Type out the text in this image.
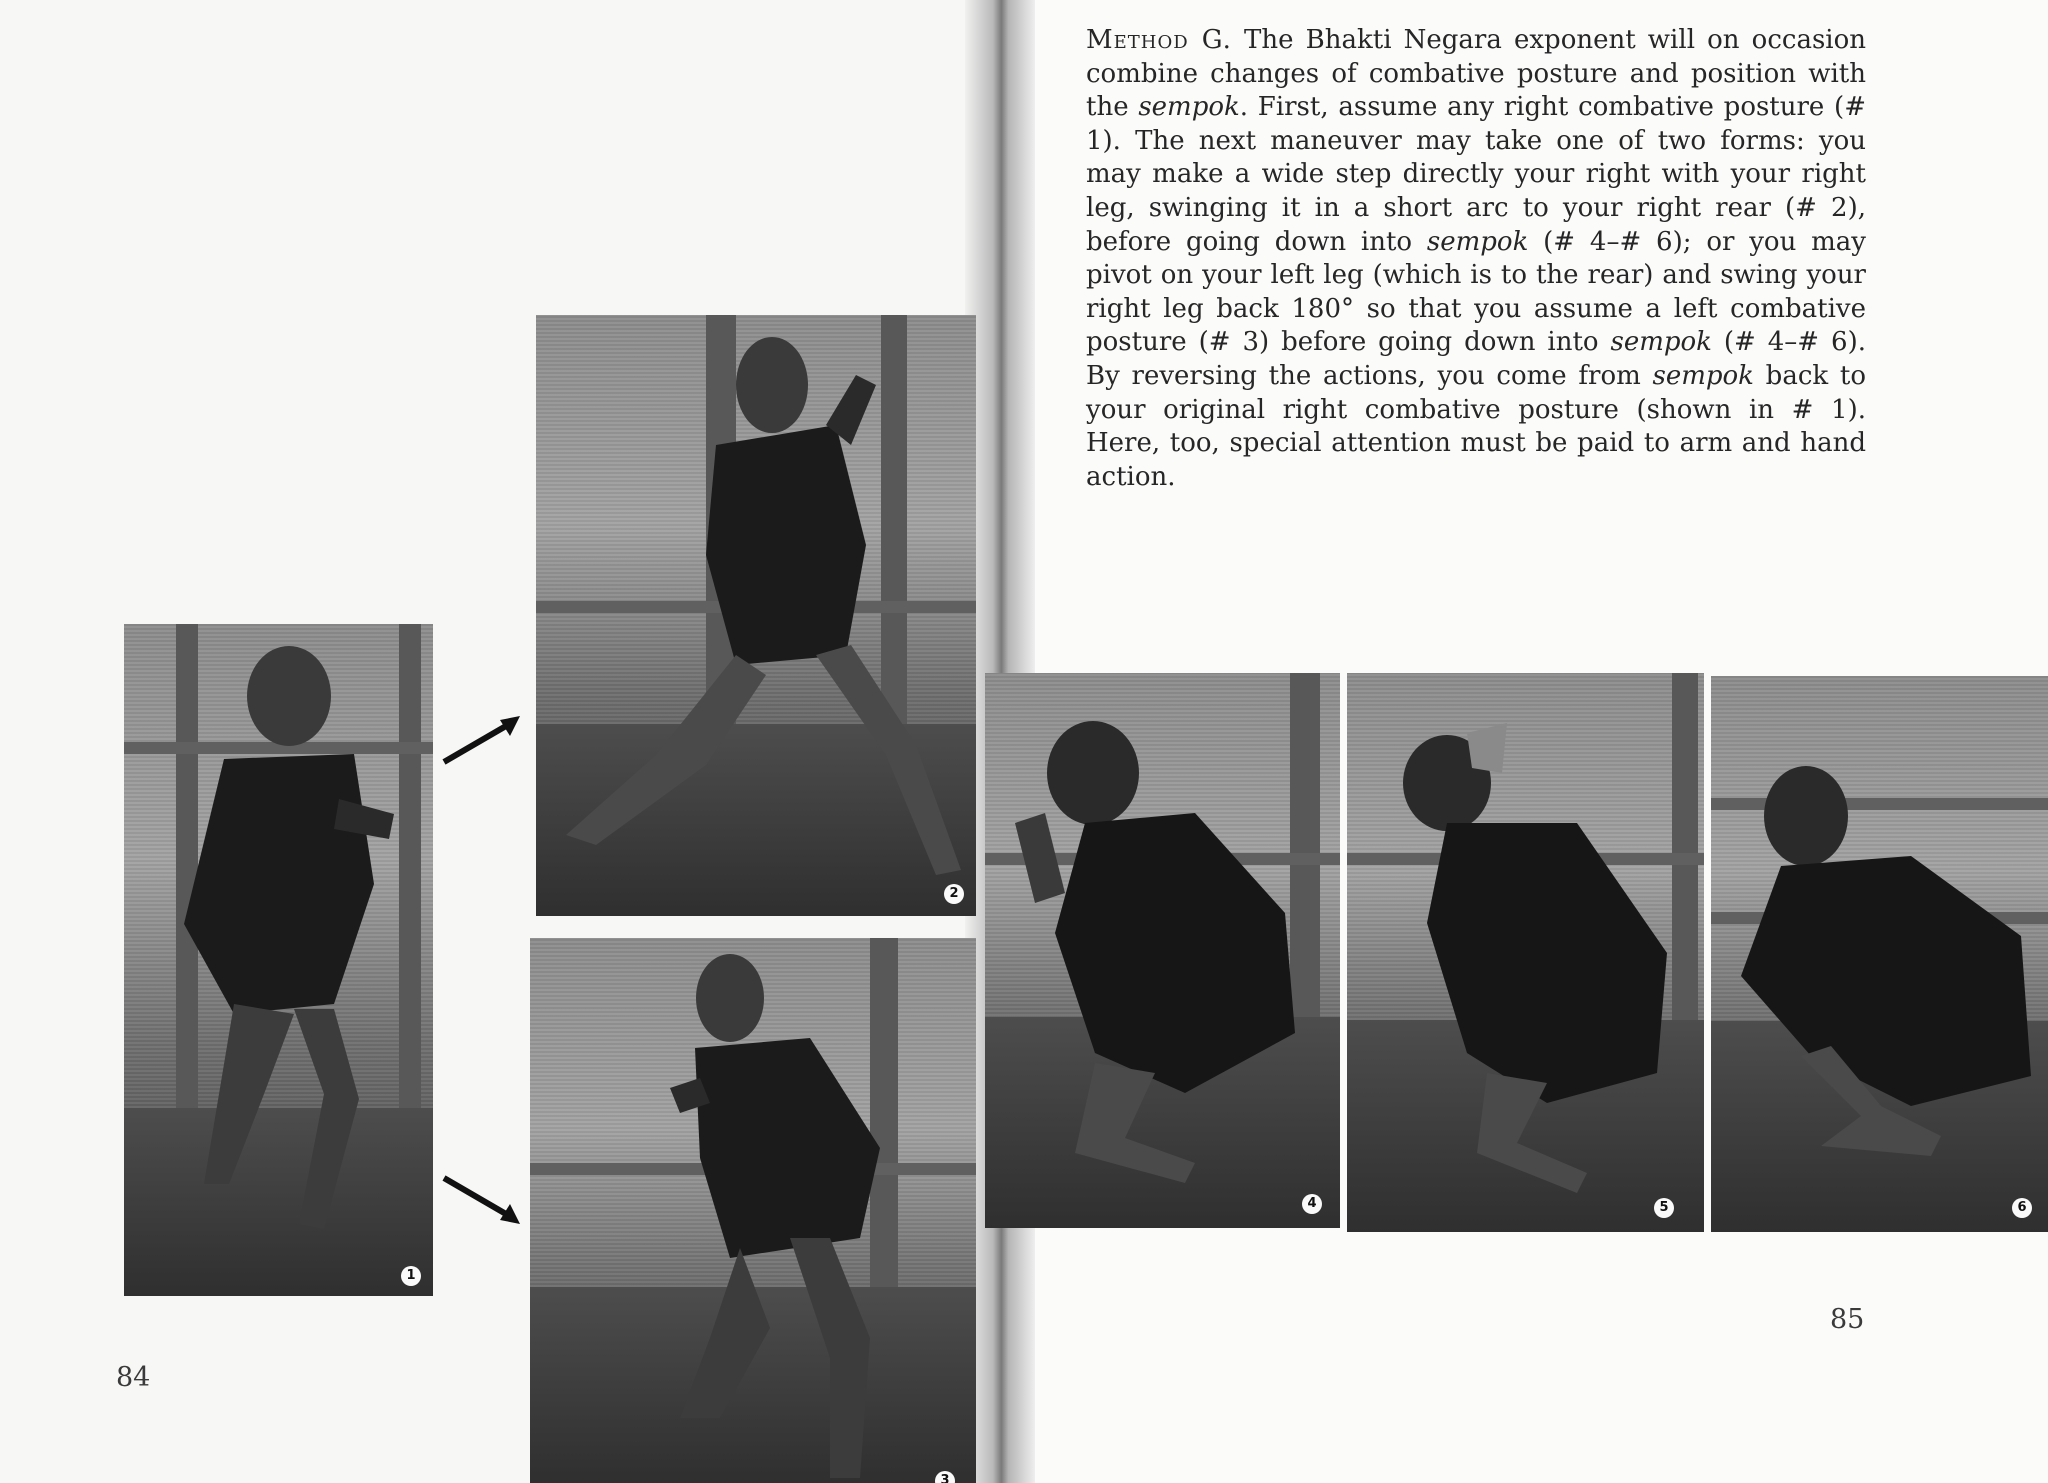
1
2
3
84
Method G. The Bhakti Negara exponent will on occasion combine changes of combative posture and position with the sempok. First, assume any right combative posture (# 1). The next maneuver may take one of two forms: you may make a wide step directly your right with your right leg, swinging it in a short arc to your right rear (# 2), before going down into sempok (# 4–# 6); or you may pivot on your left leg (which is to the rear) and swing your right leg back 180° so that you assume a left combative posture (# 3) before going down into sempok (# 4–# 6). By reversing the actions, you come from sempok back to your original right combative posture (shown in # 1). Here, too, special attention must be paid to arm and hand action.
4	5	6
85
